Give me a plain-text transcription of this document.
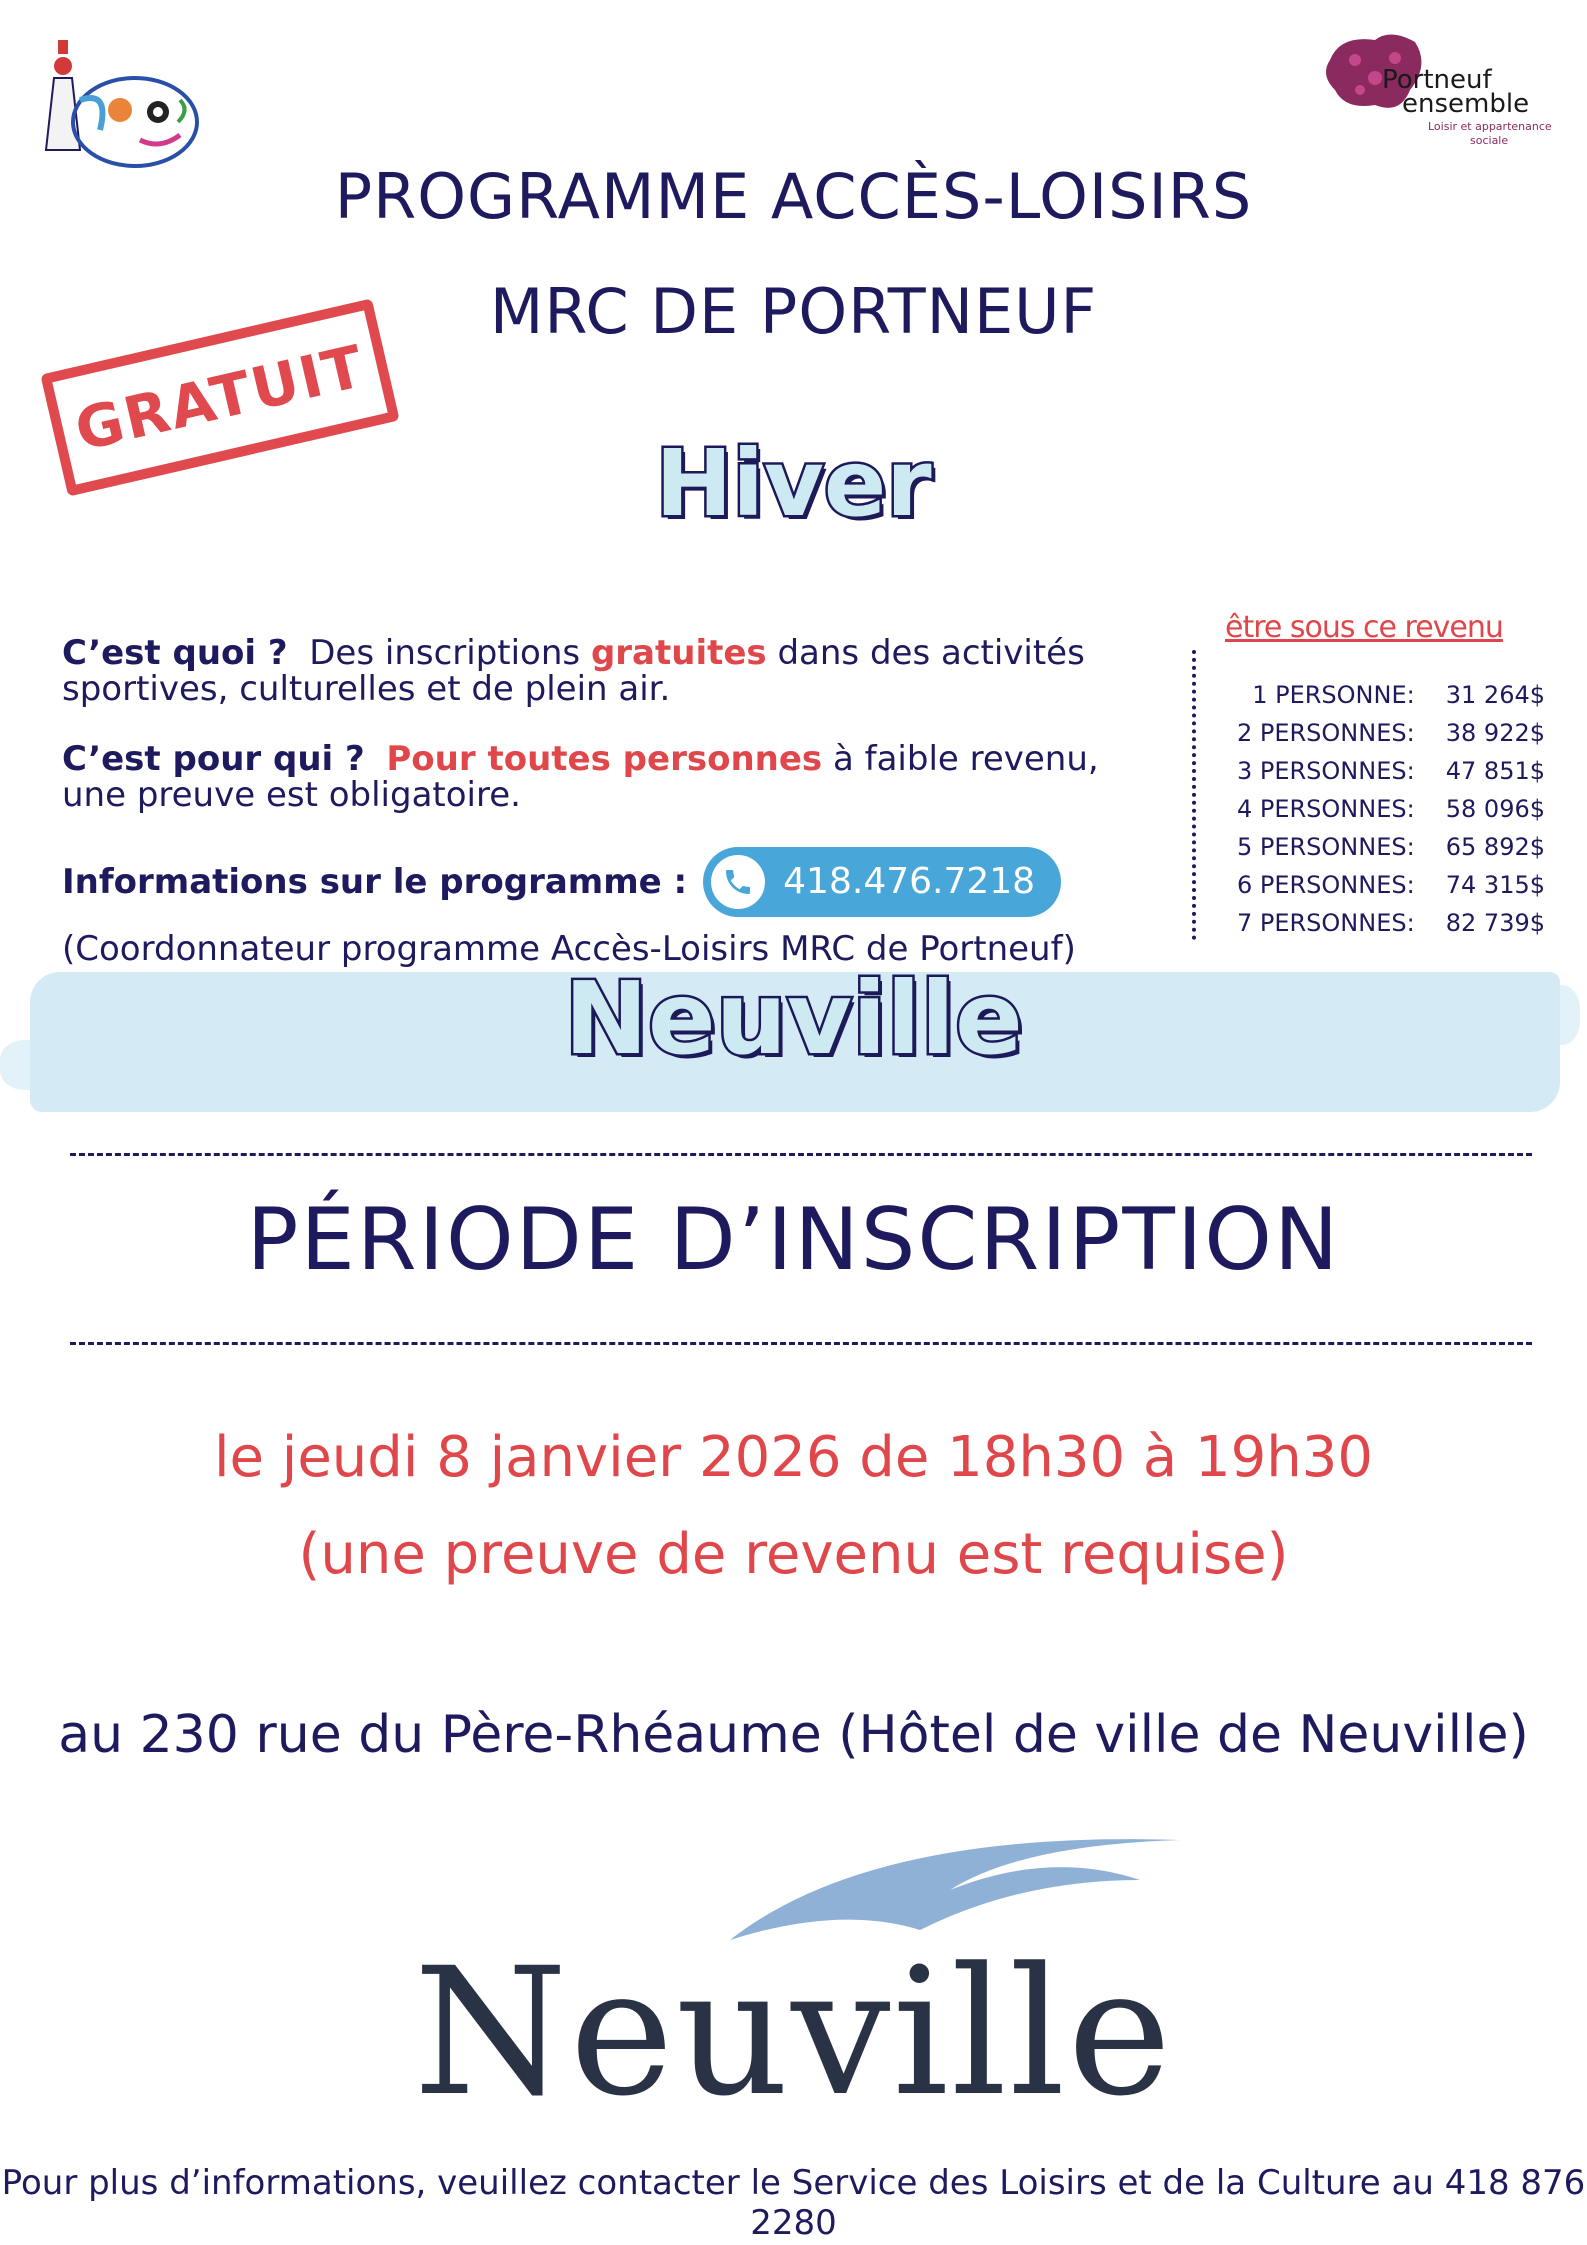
Portneuf
ensemble
Loisir et appartenance
sociale
PROGRAMME ACCÈS-LOISIRS
MRC DE PORTNEUF
GRATUIT
Hiver

C’est quoi ? Des inscriptions gratuites dans des activités sportives, culturelles et de plein air.

C’est pour qui ? Pour toutes personnes à faible revenu, une preuve est obligatoire.

Informations sur le programme :	418.476.7218
(Coordonnateur programme Accès-Loisirs MRC de Portneuf)
être sous ce revenu
1 PERSONNE:	31 264$
2 PERSONNES:	38 922$
3 PERSONNES:	47 851$
4 PERSONNES:	58 096$
5 PERSONNES:	65 892$
6 PERSONNES:	74 315$
7 PERSONNES:	82 739$
Neuville
PÉRIODE D’INSCRIPTION
le jeudi 8 janvier 2026 de 18h30 à 19h30
(une preuve de revenu est requise)
au 230 rue du Père-Rhéaume (Hôtel de ville de Neuville)
Neuville
Pour plus d’informations, veuillez contacter le Service des Loisirs et de la Culture au 418 876 2280
